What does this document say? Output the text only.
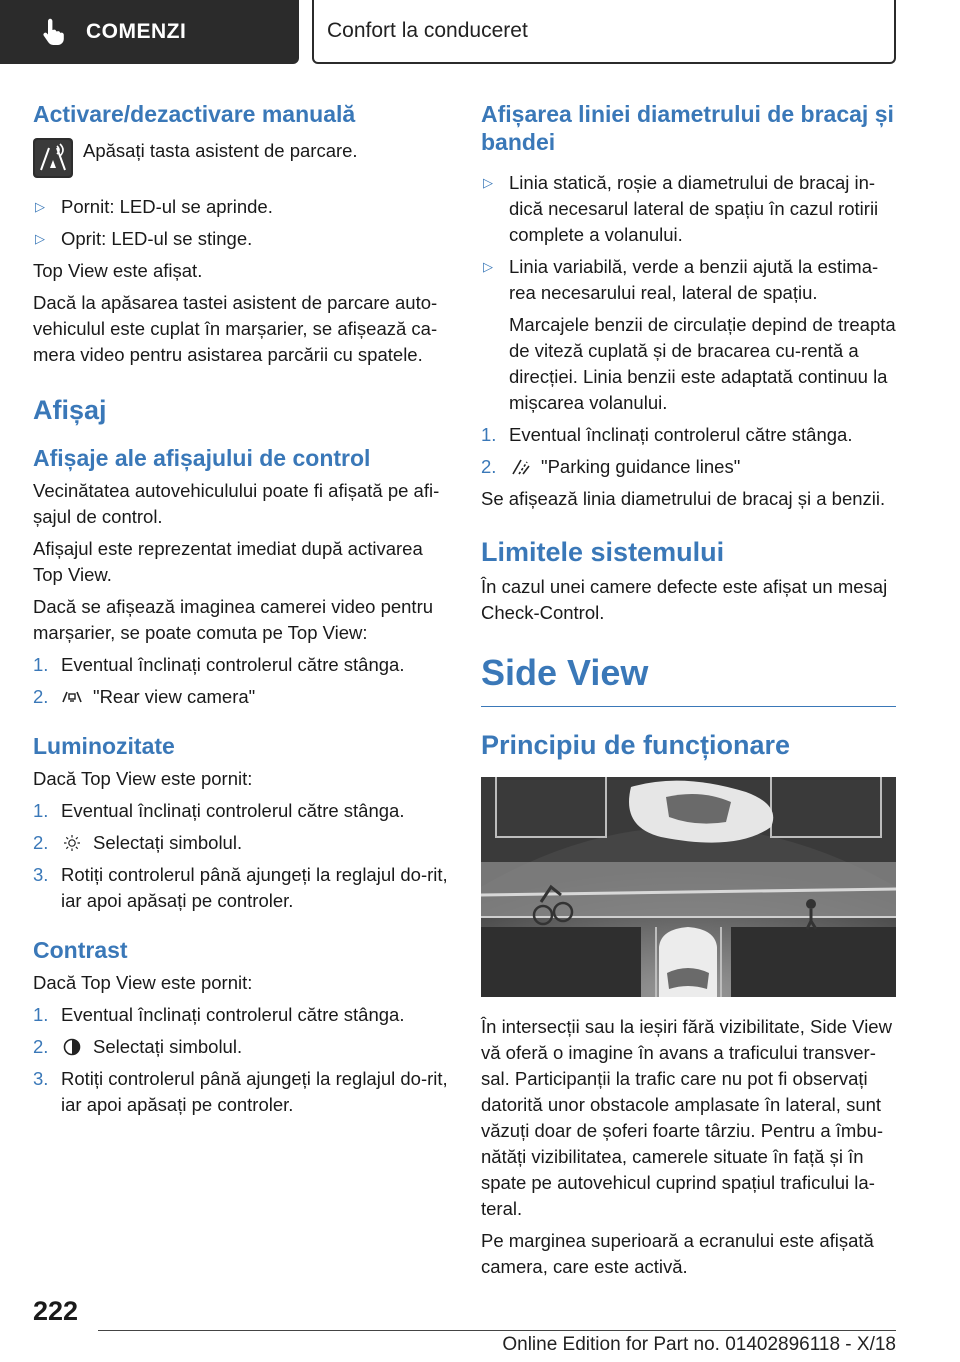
COMENZI	Confort la conduceret
Activare/dezactivare manuală
Apăsați tasta asistent de parcare.
▷ Pornit: LED-ul se aprinde.
▷ Oprit: LED-ul se stinge.

Top View este afișat.

Dacă la apăsarea tastei asistent de parcare auto-vehiculul este cuplat în marșarier, se afișează ca-mera video pentru asistarea parcării cu spatele.

Afișaj
Afișaje ale afișajului de control

Vecinătatea autovehiculului poate fi afișată pe afi-șajul de control.

Afișajul este reprezentat imediat după activarea Top View.

Dacă se afișează imaginea camerei video pentru marșarier, se poate comuta pe Top View:

1. Eventual înclinați controlerul către stânga.
2.	"Rear view camera"
Luminozitate

Dacă Top View este pornit:

1. Eventual înclinați controlerul către stânga.
2.	Selectați simbolul.
3. Rotiți controlerul până ajungeți la reglajul do-rit, iar apoi apăsați pe controler.
Contrast

Dacă Top View este pornit:

1. Eventual înclinați controlerul către stânga.
2.	Selectați simbolul.
3. Rotiți controlerul până ajungeți la reglajul do-rit, iar apoi apăsați pe controler.
Afișarea liniei diametrului de bracaj și bandei
▷ Linia statică, roșie a diametrului de bracaj in-dică necesarul lateral de spațiu în cazul rotirii complete a volanului.
▷ Linia variabilă, verde a benzii ajută la estima-rea necesarului real, lateral de spațiu.
Marcajele benzii de circulație depind de treapta de viteză cuplată și de bracarea cu-rentă a direcției. Linia benzii este adaptată continuu la mișcarea volanului.
1. Eventual înclinați controlerul către stânga.
2.	"Parking guidance lines"

Se afișează linia diametrului de bracaj și a benzii.

Limitele sistemului

În cazul unei camere defecte este afișat un mesaj Check-Control.

Side View
Principiu de funcționare

În intersecții sau la ieșiri fără vizibilitate, Side View vă oferă o imagine în avans a traficului transver-sal. Participanții la trafic care nu pot fi observați datorită unor obstacole amplasate în lateral, sunt văzuți doar de șoferi foarte târziu. Pentru a îmbu-nătăți vizibilitatea, camerele situate în față și în spate pe autovehicul cuprind spațiul traficului la-teral.

Pe marginea superioară a ecranului este afișată camera, care este activă.

222
Online Edition for Part no. 01402896118 - X/18
